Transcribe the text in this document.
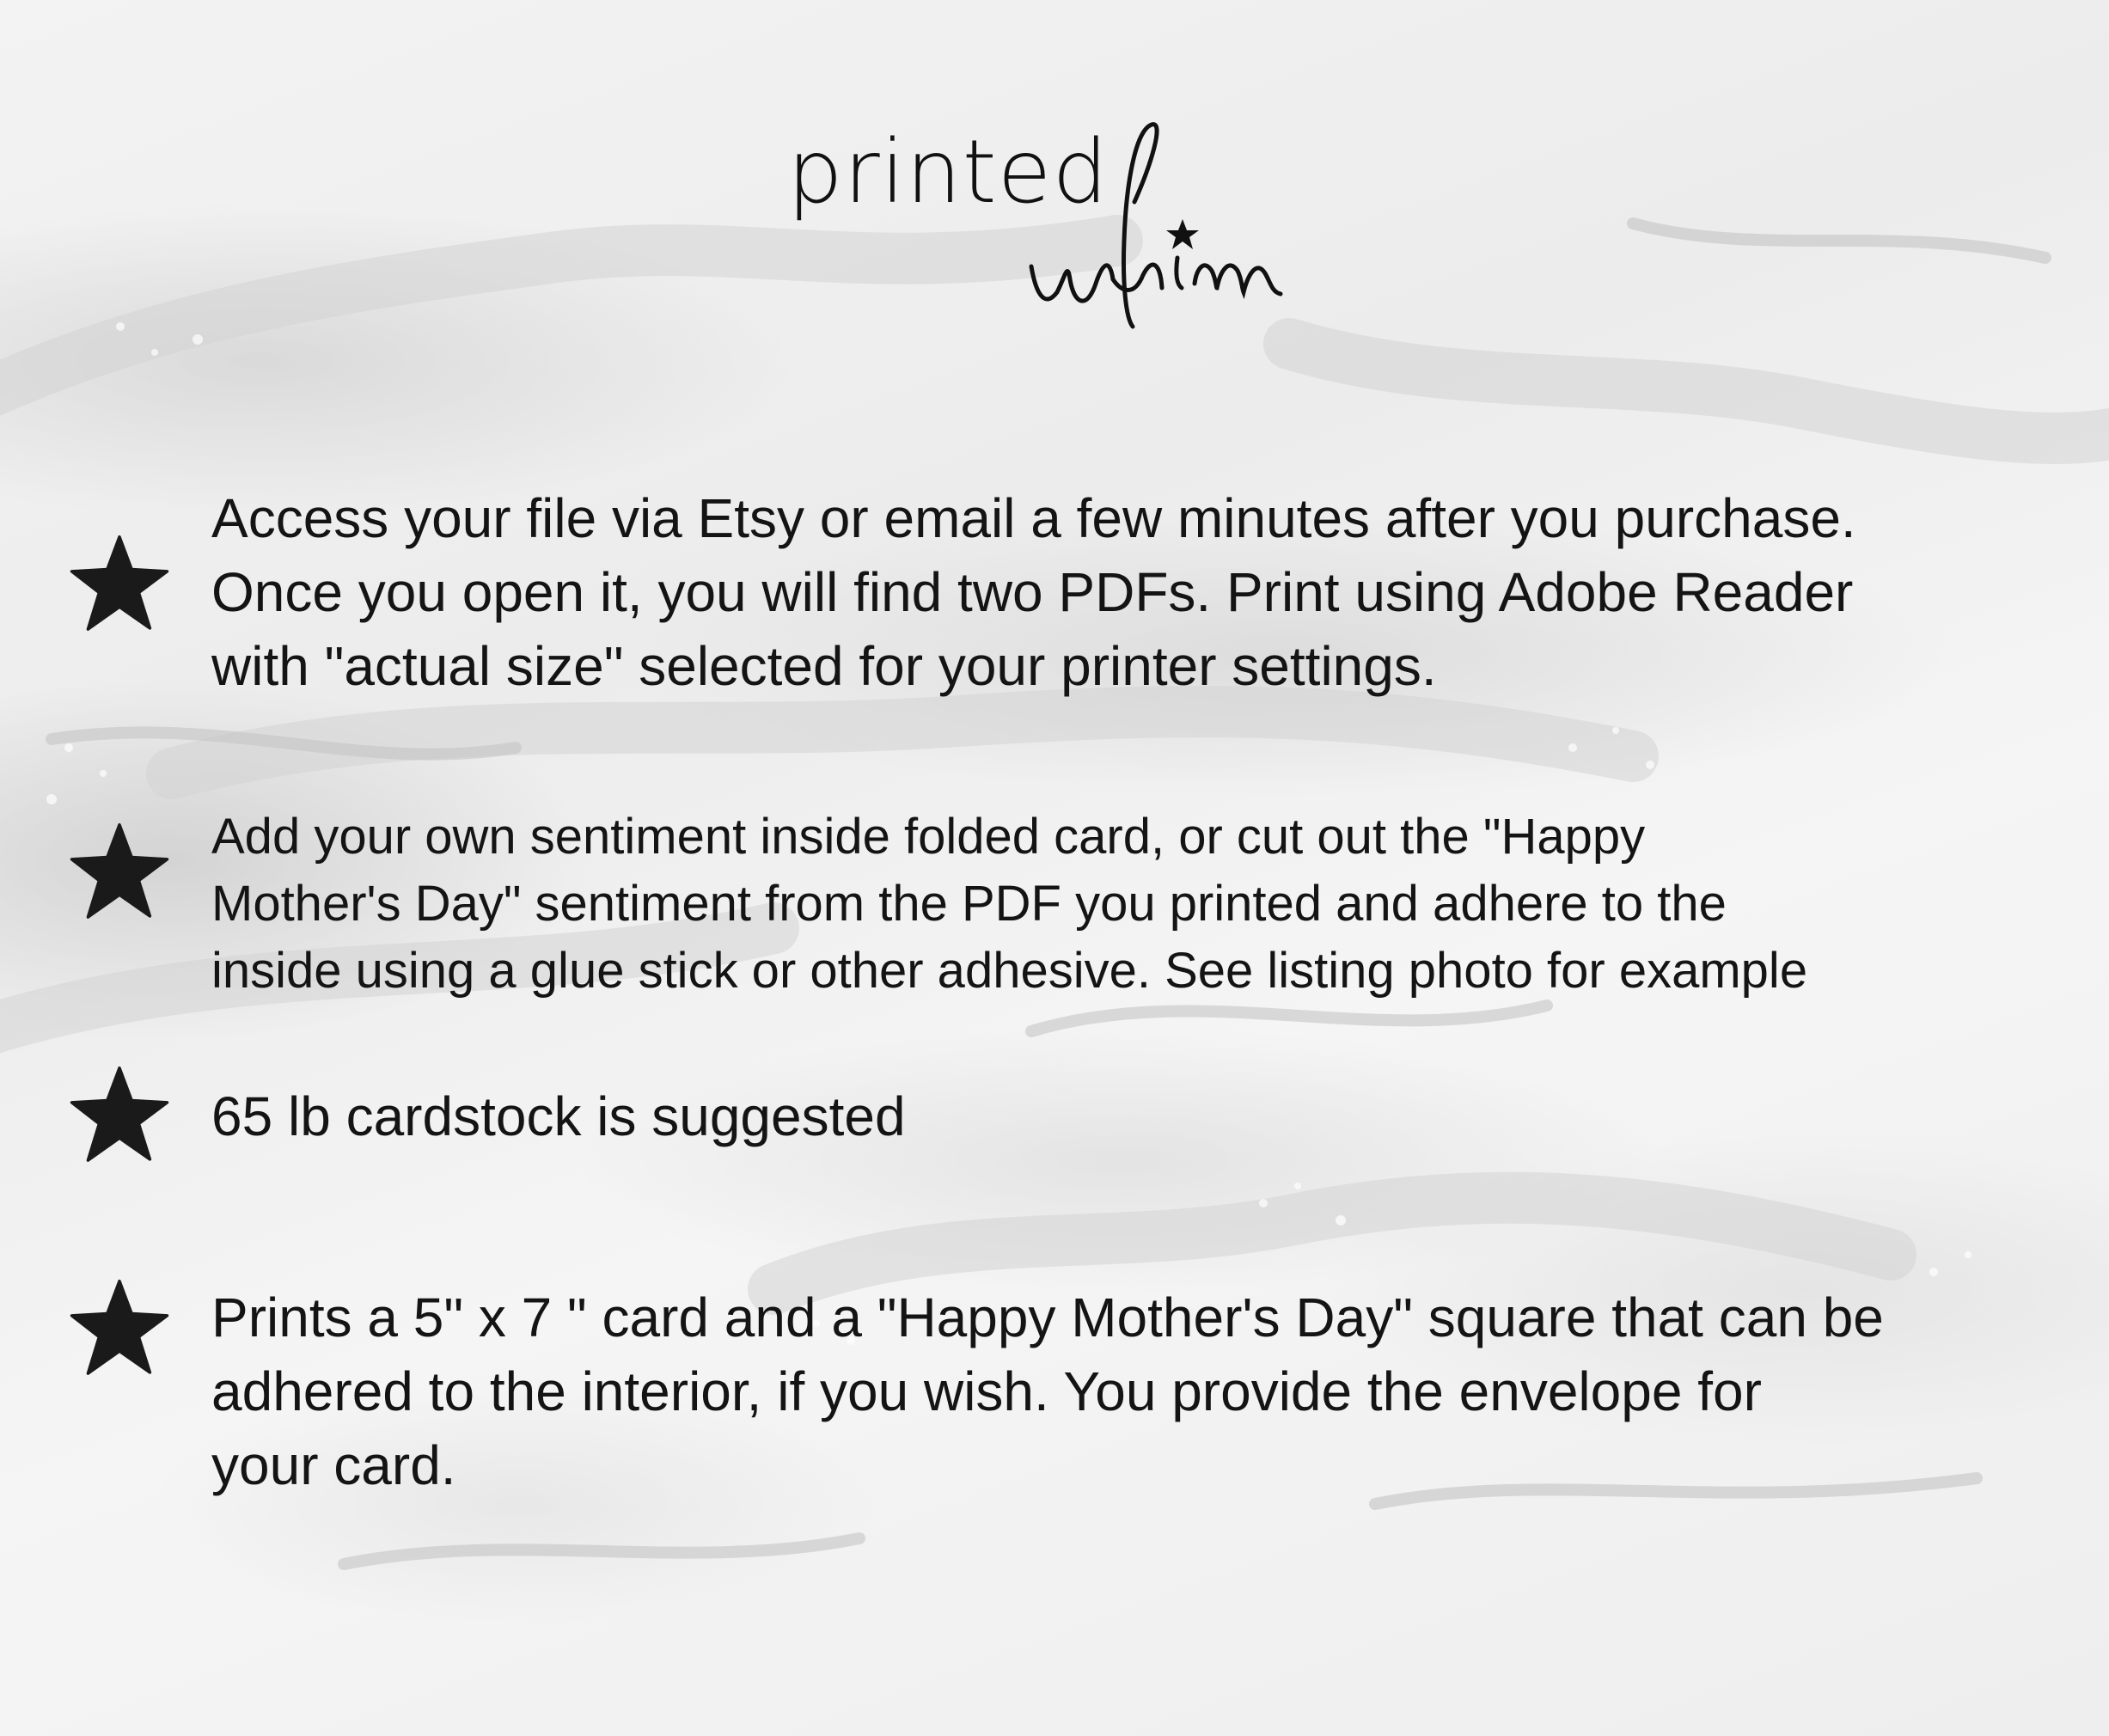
printed

Access your file via Etsy or email a few minutes after you purchase.
Once you open it, you will find two PDFs. Print using Adobe Reader
with "actual size" selected for your printer settings.

Add your own sentiment inside folded card, or cut out the "Happy
Mother's Day" sentiment from the PDF you printed and adhere to the
inside using a glue stick or other adhesive. See listing photo for example

65 lb cardstock is suggested

Prints a 5" x 7 " card and a "Happy Mother's Day" square that can be
adhered to the interior, if you wish. You provide the envelope for
your card.
